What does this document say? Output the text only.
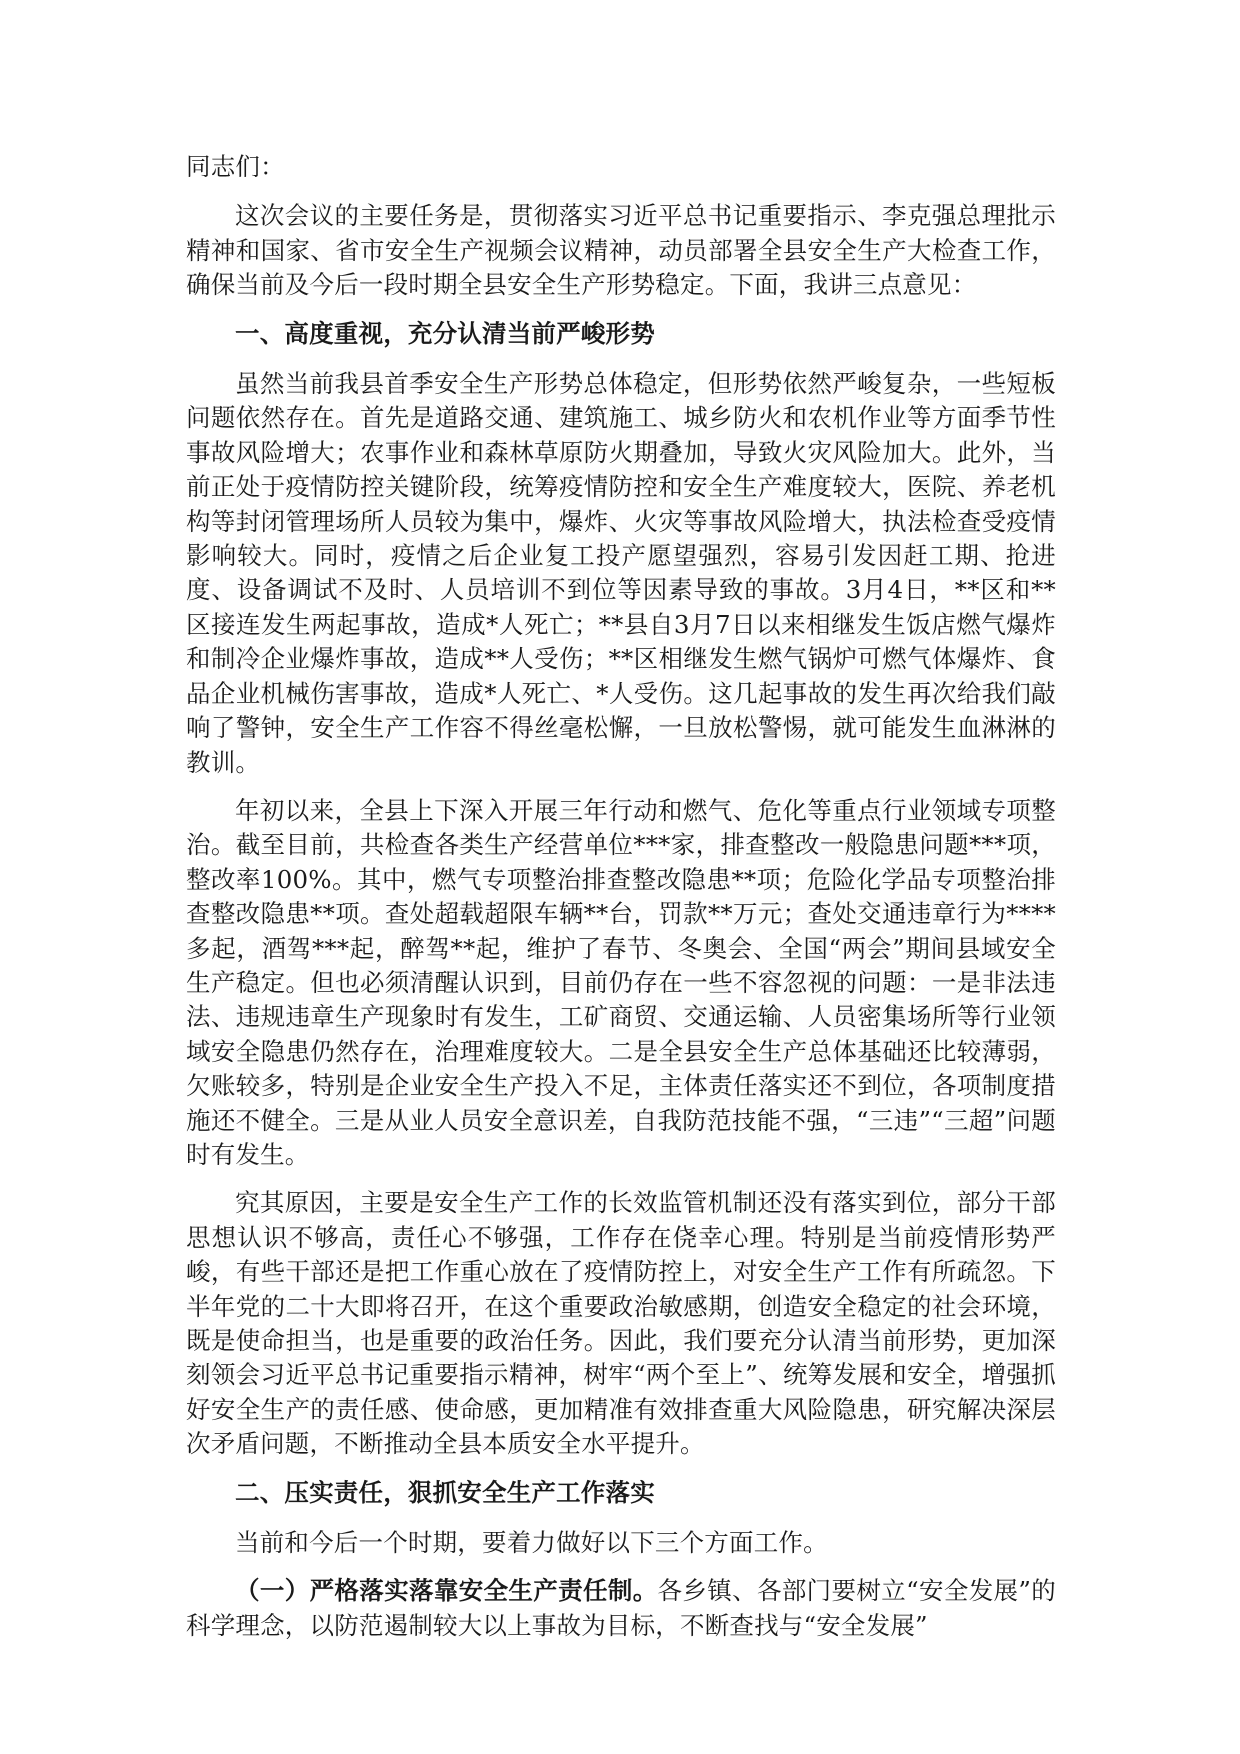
同志们：

这次会议的主要任务是，贯彻落实习近平总书记重要指示、李克强总理批示精神和国家、省市安全生产视频会议精神，动员部署全县安全生产大检查工作，确保当前及今后一段时期全县安全生产形势稳定。下面，我讲三点意见：

一、高度重视，充分认清当前严峻形势

虽然当前我县首季安全生产形势总体稳定，但形势依然严峻复杂，一些短板问题依然存在。首先是道路交通、建筑施工、城乡防火和农机作业等方面季节性事故风险增大；农事作业和森林草原防火期叠加，导致火灾风险加大。此外，当前正处于疫情防控关键阶段，统筹疫情防控和安全生产难度较大，医院、养老机构等封闭管理场所人员较为集中，爆炸、火灾等事故风险增大，执法检查受疫情影响较大。同时，疫情之后企业复工投产愿望强烈，容易引发因赶工期、抢进度、设备调试不及时、人员培训不到位等因素导致的事故。3月4日，**区和**区接连发生两起事故，造成*人死亡；**县自3月7日以来相继发生饭店燃气爆炸和制冷企业爆炸事故，造成**人受伤；**区相继发生燃气锅炉可燃气体爆炸、食品企业机械伤害事故，造成*人死亡、*人受伤。这几起事故的发生再次给我们敲响了警钟，安全生产工作容不得丝毫松懈，一旦放松警惕，就可能发生血淋淋的教训。

年初以来，全县上下深入开展三年行动和燃气、危化等重点行业领域专项整治。截至目前，共检查各类生产经营单位***家，排查整改一般隐患问题***项，整改率100%。其中，燃气专项整治排查整改隐患**项；危险化学品专项整治排查整改隐患**项。查处超载超限车辆**台，罚款**万元；查处交通违章行为****多起，酒驾***起，醉驾**起，维护了春节、冬奥会、全国“两会”期间县域安全生产稳定。但也必须清醒认识到，目前仍存在一些不容忽视的问题：一是非法违法、违规违章生产现象时有发生，工矿商贸、交通运输、人员密集场所等行业领域安全隐患仍然存在，治理难度较大。二是全县安全生产总体基础还比较薄弱，欠账较多，特别是企业安全生产投入不足，主体责任落实还不到位，各项制度措施还不健全。三是从业人员安全意识差，自我防范技能不强，“三违”“三超”问题时有发生。

究其原因，主要是安全生产工作的长效监管机制还没有落实到位，部分干部思想认识不够高，责任心不够强，工作存在侥幸心理。特别是当前疫情形势严峻，有些干部还是把工作重心放在了疫情防控上，对安全生产工作有所疏忽。下半年党的二十大即将召开，在这个重要政治敏感期，创造安全稳定的社会环境，既是使命担当，也是重要的政治任务。因此，我们要充分认清当前形势，更加深刻领会习近平总书记重要指示精神，树牢“两个至上”、统筹发展和安全，增强抓好安全生产的责任感、使命感，更加精准有效排查重大风险隐患，研究解决深层次矛盾问题，不断推动全县本质安全水平提升。

二、压实责任，狠抓安全生产工作落实

当前和今后一个时期，要着力做好以下三个方面工作。

（一）严格落实落靠安全生产责任制。各乡镇、各部门要树立“安全发展”的科学理念，以防范遏制较大以上事故为目标，不断查找与“安全发展”
